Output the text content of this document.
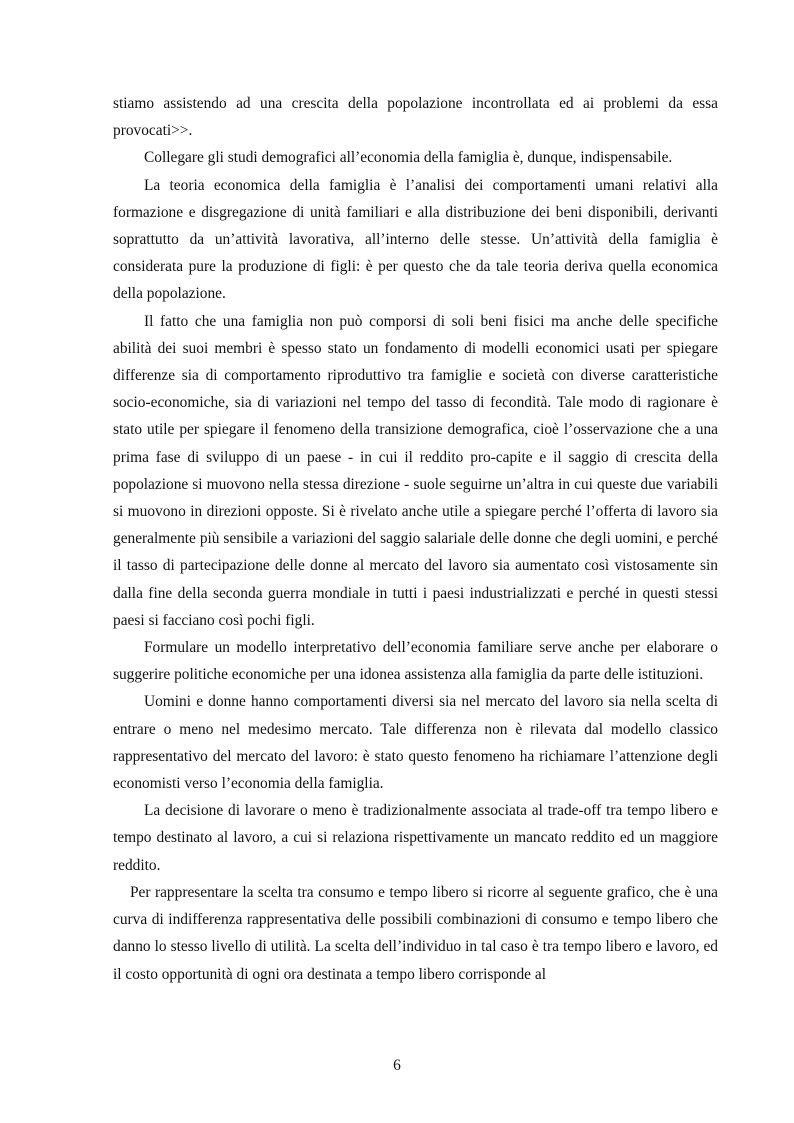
stiamo assistendo ad una crescita della popolazione incontrollata ed ai problemi da essa provocati>>.

Collegare gli studi demografici all’economia della famiglia è, dunque, indispensabile.

La teoria economica della famiglia è l’analisi dei comportamenti umani relativi alla formazione e disgregazione di unità familiari e alla distribuzione dei beni disponibili, derivanti soprattutto da un’attività lavorativa, all’interno delle stesse. Un’attività della famiglia è considerata pure la produzione di figli: è per questo che da tale teoria deriva quella economica della popolazione.

Il fatto che una famiglia non può comporsi di soli beni fisici ma anche delle specifiche abilità dei suoi membri è spesso stato un fondamento di modelli economici usati per spiegare differenze sia di comportamento riproduttivo tra famiglie e società con diverse caratteristiche socio-economiche, sia di variazioni nel tempo del tasso di fecondità. Tale modo di ragionare è stato utile per spiegare il fenomeno della transizione demografica, cioè l’osservazione che a una prima fase di sviluppo di un paese - in cui il reddito pro-capite e il saggio di crescita della popolazione si muovono nella stessa direzione - suole seguirne un’altra in cui queste due variabili si muovono in direzioni opposte. Si è rivelato anche utile a spiegare perché l’offerta di lavoro sia generalmente più sensibile a variazioni del saggio salariale delle donne che degli uomini, e perché il tasso di partecipazione delle donne al mercato del lavoro sia aumentato così vistosamente sin dalla fine della seconda guerra mondiale in tutti i paesi industrializzati e perché in questi stessi paesi si facciano così pochi figli.

Formulare un modello interpretativo dell’economia familiare serve anche per elaborare o suggerire politiche economiche per una idonea assistenza alla famiglia da parte delle istituzioni.

Uomini e donne hanno comportamenti diversi sia nel mercato del lavoro sia nella scelta di entrare o meno nel medesimo mercato. Tale differenza non è rilevata dal modello classico rappresentativo del mercato del lavoro: è stato questo fenomeno ha richiamare l’attenzione degli economisti verso l’economia della famiglia.

La decisione di lavorare o meno è tradizionalmente associata al trade-off tra tempo libero e tempo destinato al lavoro, a cui si relaziona rispettivamente un mancato reddito ed un maggiore reddito.

Per rappresentare la scelta tra consumo e tempo libero si ricorre al seguente grafico, che è una curva di indifferenza rappresentativa delle possibili combinazioni di consumo e tempo libero che danno lo stesso livello di utilità. La scelta dell’individuo in tal caso è tra tempo libero e lavoro, ed il costo opportunità di ogni ora destinata a tempo libero corrisponde al

6
